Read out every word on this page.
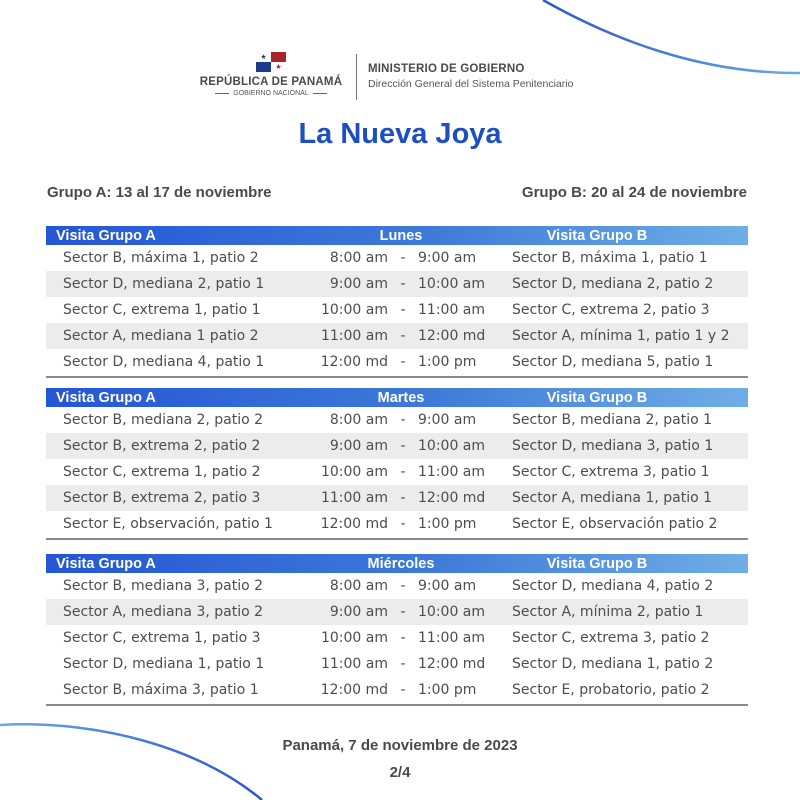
★
★
REPÚBLICA DE PANAMÁ
GOBIERNO NACIONAL
MINISTERIO DE GOBIERNO
Dirección General del Sistema Penitenciario
La Nueva Joya
Grupo A: 13 al 17 de noviembre	Grupo B: 20 al 24 de noviembre
Visita Grupo A	Lunes	Visita Grupo B
Sector B, máxima 1, patio 2	8:00 am - 9:00 am	Sector B, máxima 1, patio 1
Sector D, mediana 2, patio 1	9:00 am - 10:00 am	Sector D, mediana 2, patio 2
Sector C, extrema 1, patio 1	10:00 am - 11:00 am	Sector C, extrema 2, patio 3
Sector A, mediana 1 patio 2	11:00 am - 12:00 md	Sector A, mínima 1, patio 1 y 2
Sector D, mediana 4, patio 1	12:00 md - 1:00 pm	Sector D, mediana 5, patio 1
Visita Grupo A	Martes	Visita Grupo B
Sector B, mediana 2, patio 2	8:00 am - 9:00 am	Sector B, mediana 2, patio 1
Sector B, extrema 2, patio 2	9:00 am - 10:00 am	Sector D, mediana 3, patio 1
Sector C, extrema 1, patio 2	10:00 am - 11:00 am	Sector C, extrema 3, patio 1
Sector B, extrema 2, patio 3	11:00 am - 12:00 md	Sector A, mediana 1, patio 1
Sector E, observación, patio 1	12:00 md - 1:00 pm	Sector E, observación patio 2
Visita Grupo A	Miércoles	Visita Grupo B
Sector B, mediana 3, patio 2	8:00 am - 9:00 am	Sector D, mediana 4, patio 2
Sector A, mediana 3, patio 2	9:00 am - 10:00 am	Sector A, mínima 2, patio 1
Sector C, extrema 1, patio 3	10:00 am - 11:00 am	Sector C, extrema 3, patio 2
Sector D, mediana 1, patio 1	11:00 am - 12:00 md	Sector D, mediana 1, patio 2
Sector B, máxima 3, patio 1	12:00 md - 1:00 pm	Sector E, probatorio, patio 2
Panamá, 7 de noviembre de 2023
2/4
